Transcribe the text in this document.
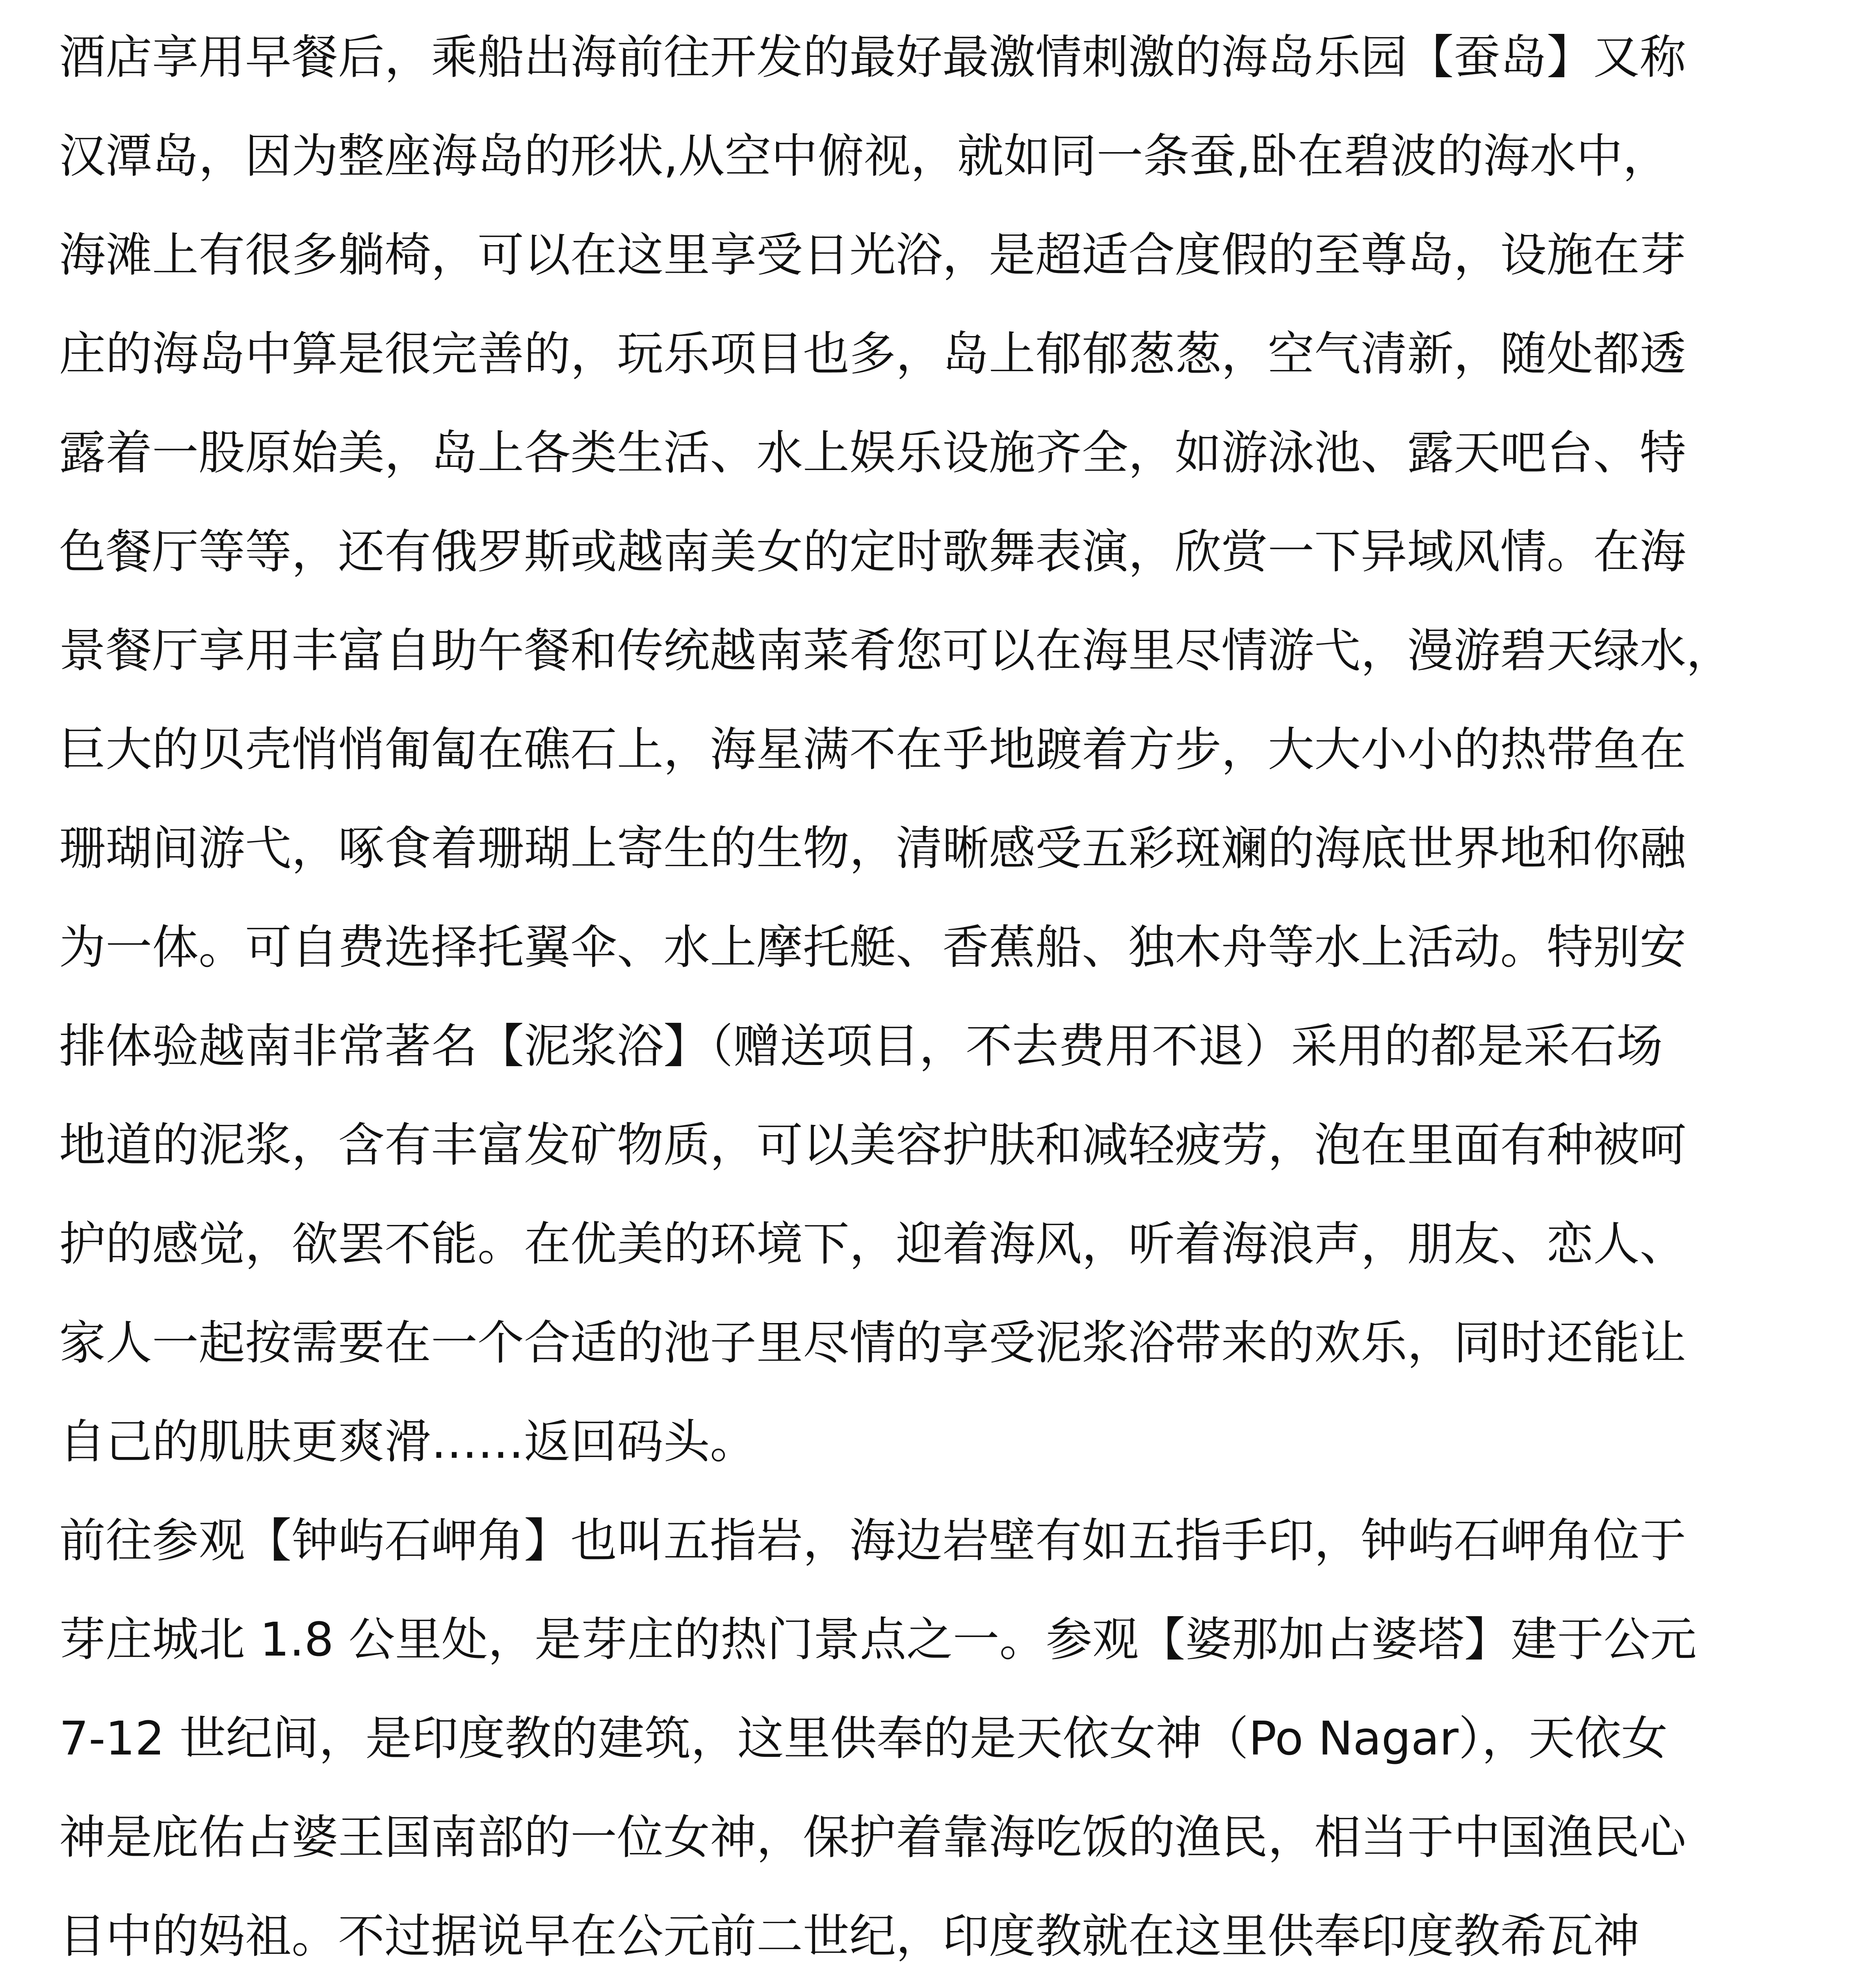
酒店享用早餐后，乘船出海前往开发的最好最激情刺激的海岛乐园【蚕岛】又称
汉潭岛，因为整座海岛的形状,从空中俯视，就如同一条蚕,卧在碧波的海水中，
海滩上有很多躺椅，可以在这里享受日光浴，是超适合度假的至尊岛，设施在芽
庄的海岛中算是很完善的，玩乐项目也多，岛上郁郁葱葱，空气清新，随处都透
露着一股原始美，岛上各类生活、水上娱乐设施齐全，如游泳池、露天吧台、特
色餐厅等等，还有俄罗斯或越南美女的定时歌舞表演，欣赏一下异域风情。在海
景餐厅享用丰富自助午餐和传统越南菜肴您可以在海里尽情游弋，漫游碧天绿水，
巨大的贝壳悄悄匍匐在礁石上，海星满不在乎地踱着方步，大大小小的热带鱼在
珊瑚间游弋，啄食着珊瑚上寄生的生物，清晰感受五彩斑斓的海底世界地和你融
为一体。可自费选择托翼伞、水上摩托艇、香蕉船、独木舟等水上活动。特别安
排体验越南非常著名【泥浆浴】（赠送项目，不去费用不退）采用的都是采石场
地道的泥浆，含有丰富发矿物质，可以美容护肤和减轻疲劳，泡在里面有种被呵
护的感觉，欲罢不能。在优美的环境下，迎着海风，听着海浪声，朋友、恋人、
家人一起按需要在一个合适的池子里尽情的享受泥浆浴带来的欢乐，同时还能让
自己的肌肤更爽滑……返回码头。
前往参观【钟屿石岬角】也叫五指岩，海边岩壁有如五指手印，钟屿石岬角位于
芽庄城北 1.8 公里处，是芽庄的热门景点之一。参观【婆那加占婆塔】建于公元
7-12 世纪间，是印度教的建筑，这里供奉的是天依女神（Po Nagar），天依女
神是庇佑占婆王国南部的一位女神，保护着靠海吃饭的渔民，相当于中国渔民心
目中的妈祖。不过据说早在公元前二世纪，印度教就在这里供奉印度教希瓦神
